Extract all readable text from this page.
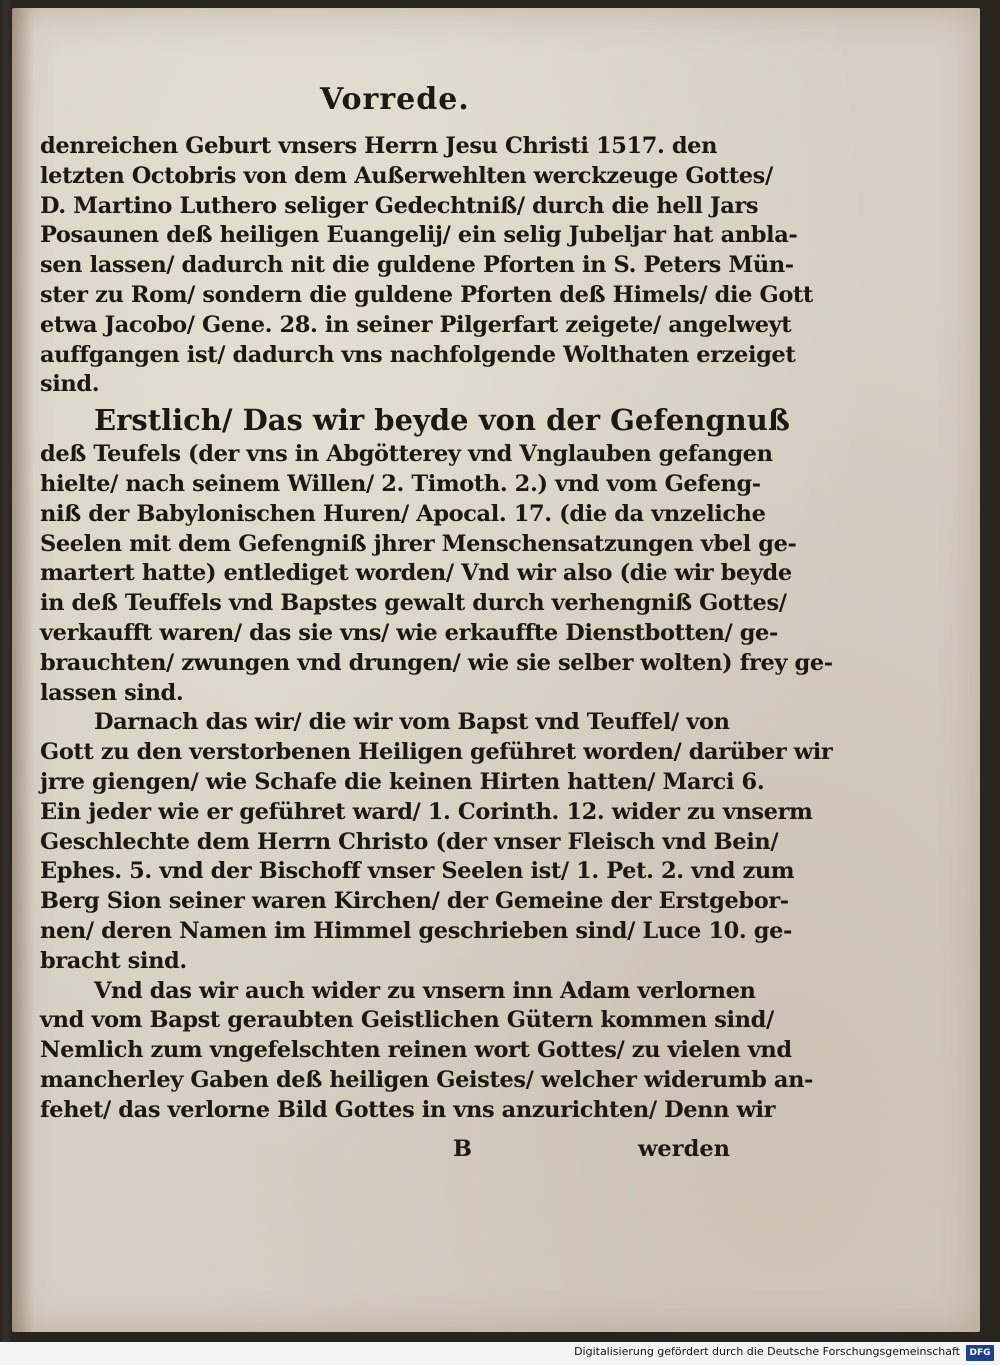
Vorrede.
denreichen Geburt vnsers Herrn Jesu Christi 1517. den
letzten Octobris von dem Außerwehlten werckzeuge Gottes/
D. Martino Luthero seliger Gedechtniß/ durch die hell Jars
Posaunen deß heiligen Euangelij/ ein selig Jubeljar hat anbla-
sen lassen/ dadurch nit die guldene Pforten in S. Peters Mün-
ster zu Rom/ sondern die guldene Pforten deß Himels/ die Gott
etwa Jacobo/ Gene. 28. in seiner Pilgerfart zeigete/ angelweyt
auffgangen ist/ dadurch vns nachfolgende Wolthaten erzeiget
sind.
Erstlich/ Das wir beyde von der Gefengnuß
deß Teufels (der vns in Abgötterey vnd Vnglauben gefangen
hielte/ nach seinem Willen/ 2. Timoth. 2.) vnd vom Gefeng-
niß der Babylonischen Huren/ Apocal. 17. (die da vnzeliche
Seelen mit dem Gefengniß jhrer Menschensatzungen vbel ge-
martert hatte) entlediget worden/ Vnd wir also (die wir beyde
in deß Teuffels vnd Bapstes gewalt durch verhengniß Gottes/
verkaufft waren/ das sie vns/ wie erkauffte Dienstbotten/ ge-
brauchten/ zwungen vnd drungen/ wie sie selber wolten) frey ge-
lassen sind.
Darnach das wir/ die wir vom Bapst vnd Teuffel/ von
Gott zu den verstorbenen Heiligen geführet worden/ darüber wir
jrre giengen/ wie Schafe die keinen Hirten hatten/ Marci 6.
Ein jeder wie er geführet ward/ 1. Corinth. 12. wider zu vnserm
Geschlechte dem Herrn Christo (der vnser Fleisch vnd Bein/
Ephes. 5. vnd der Bischoff vnser Seelen ist/ 1. Pet. 2. vnd zum
Berg Sion seiner waren Kirchen/ der Gemeine der Erstgebor-
nen/ deren Namen im Himmel geschrieben sind/ Luce 10. ge-
bracht sind.
Vnd das wir auch wider zu vnsern inn Adam verlornen
vnd vom Bapst geraubten Geistlichen Gütern kommen sind/
Nemlich zum vngefelschten reinen wort Gottes/ zu vielen vnd
mancherley Gaben deß heiligen Geistes/ welcher widerumb an-
fehet/ das verlorne Bild Gottes in vns anzurichten/ Denn wir
B	werden
Digitalisierung gefördert durch die Deutsche Forschungsgemeinschaft	DFG
